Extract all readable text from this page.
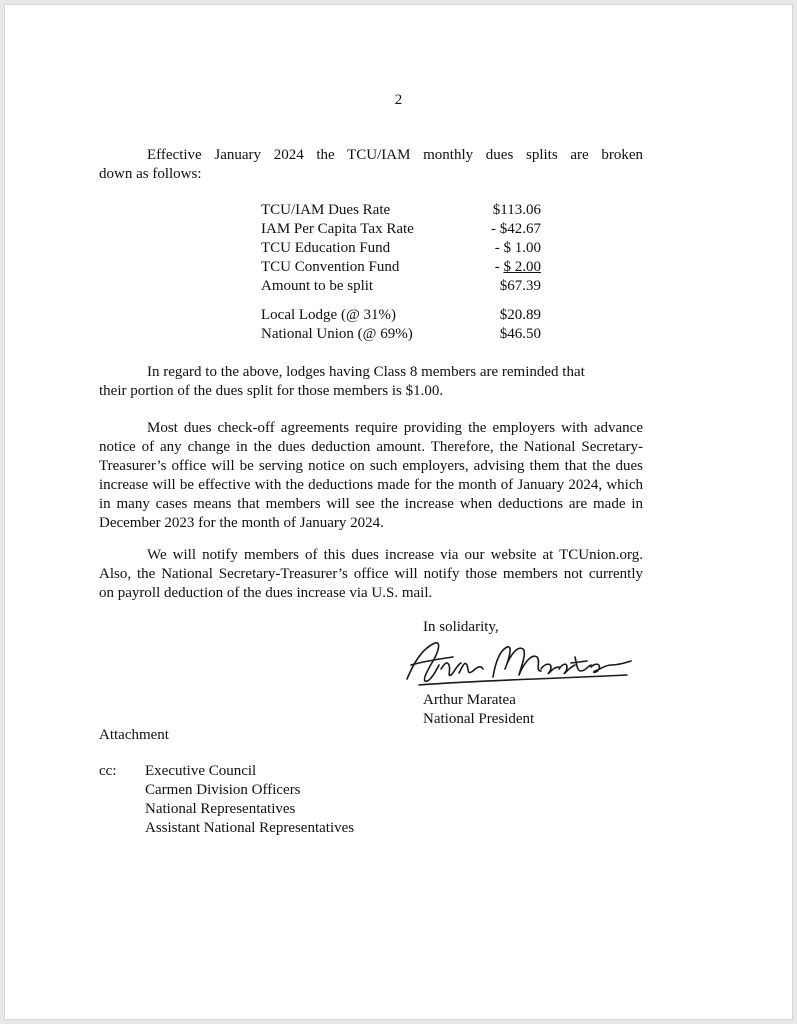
2
Effective January 2024 the TCU/IAM monthly dues splits are broken
down as follows:
TCU/IAM Dues Rate	$113.06
IAM Per Capita Tax Rate	- $42.67
TCU Education Fund	- $ 1.00
TCU Convention Fund	- $ 2.00
Amount to be split	$67.39
Local Lodge (@ 31%)	$20.89
National Union (@ 69%)	$46.50
In regard to the above, lodges having Class 8 members are reminded that
their portion of the dues split for those members is $1.00.
Most dues check-off agreements require providing the employers with advance
notice of any change in the dues deduction amount. Therefore, the National Secretary-
Treasurer’s office will be serving notice on such employers, advising them that the dues
increase will be effective with the deductions made for the month of January 2024, which
in many cases means that members will see the increase when deductions are made in
December 2023 for the month of January 2024.
We will notify members of this dues increase via our website at TCUnion.org.
Also, the National Secretary-Treasurer’s office will notify those members not currently
on payroll deduction of the dues increase via U.S. mail.
In solidarity,
Arthur Maratea
National President
Attachment
cc: Executive Council
Carmen Division Officers
National Representatives
Assistant National Representatives
